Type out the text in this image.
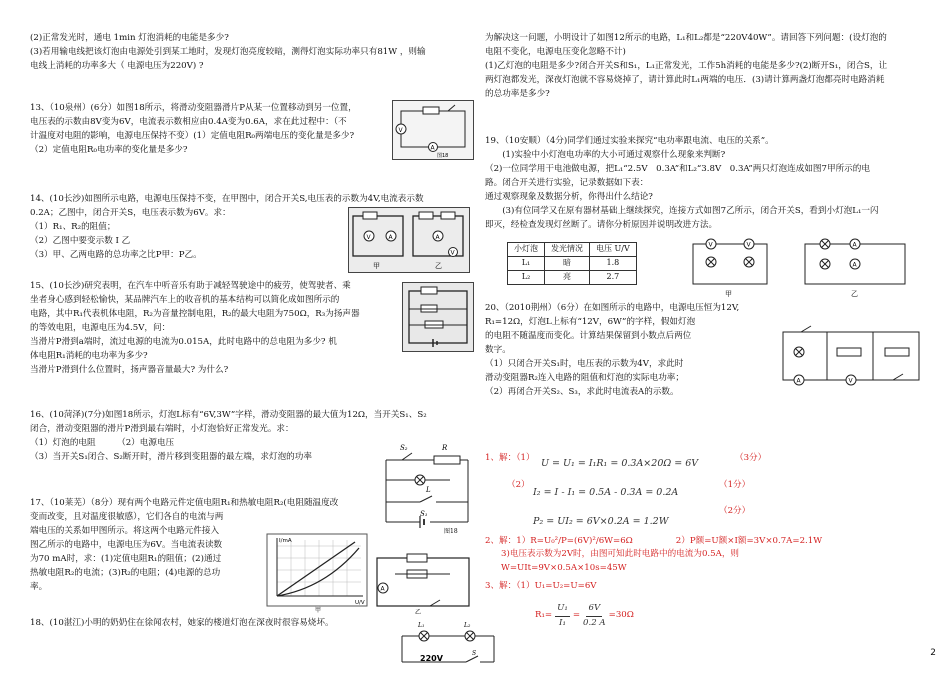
(2)正常发光时，通电 1min 灯泡消耗的电能是多少?

(3)若用输电线把该灯泡由电源处引到某工地时，发现灯泡亮度较暗，测得灯泡实际功率只有81W ，则输

电线上消耗的功率多大（ 电源电压为220V) ?

13、（10泉州）(6分）如图18所示，将滑动变阻器滑片P从某一位置移动到另一位置，

电压表的示数由8V变为6V，电流表示数相应由0.4A变为0.6A，求在此过程中：（不

计温度对电阻的影响，电源电压保持不变）(1）定值电阻R₀两端电压的变化量是多少?

（2）定值电阻R₀电功率的变化量是多少?

V
A
图18

14、(10长沙)如图所示电路，电源电压保持不变，在甲图中，闭合开关S,电压表的示数为4V,电流表示数

0.2A；乙图中，闭合开关S，电压表示数为6V。求：

（1）R₁、R₂的阻值；

（2）乙图中要变示数 I 乙

（3）甲、乙两电路的总功率之比P甲：P乙。

V	A	A
V
甲	乙

15、(10长沙)研究表明，在汽车中听音乐有助于减轻驾驶途中的疲劳，使驾驶者、乘

坐者身心感到轻松愉快，某品牌汽车上的收音机的基本结构可以简化成如图所示的

电路，其中R₁代表机体电阻，R₂为音量控制电阻，R₂的最大电阻为750Ω，R₃为扬声器

的等效电阻，电源电压为4.5V，问：

当滑片P滑到a端时，流过电源的电流为0.015A，此时电路中的总电阻为多少? 机

体电阻R₁消耗的电功率为多少?

当滑片P滑到什么位置时，扬声器音量最大? 为什么?

16、(10菏泽)(7分)如图18所示，灯泡L标有“6V,3W”字样，滑动变阻器的最大值为12Ω，当开关S₁、S₂

闭合，滑动变阻器的滑片P滑到最右端时，小灯泡恰好正常发光。求：

（1）灯泡的电阻　　　（2）电源电压

（3）当开关S₁闭合、S₂断开时，滑片移到变阻器的最左端，求灯泡的功率

S₂	R
L
S₁
图18

17、（10莱芜）（8分）现有两个电路元件定值电阻R₁和热敏电阻R₂(电阻随温度改

变而改变，且对温度很敏感），它们各自的电流与两

端电压的关系如甲图所示。将这两个电路元件接入

图乙所示的电路中，电源电压为6V。当电流表读数

为70 mA时，求：(1)定值电阻R₁的阻值；(2)通过

热敏电阻R₂的电流；(3)R₂的电阻；(4)电源的总功

率。

I/mA
U/V
甲
A
乙

18、(10湛江)小明的奶奶住在徐闻农村，她家的楼道灯泡在深夜时很容易烧坏。	L₁	L₂
220V
S

为解决这一问题，小明设计了如图12所示的电路，L₁和L₂都是“220V40W”。请回答下列问题：(设灯泡的

电阻不变化，电源电压变化忽略不计)

(1)乙灯泡的电阻是多少?闭合开关S和S₁，L₁正常发光，工作5h消耗的电能是多少?(2)断开S₁，闭合S，让

两灯泡都发光，深夜灯泡就不容易烧掉了，请计算此时L₁两端的电压．(3)请计算两盏灯泡都亮时电路消耗

的总功率是多少?

19、（10安顺）（4分)同学们通过实验来探究“电功率跟电流、电压的关系”。

　　(1)实验中小灯泡电功率的大小可通过观察什么现象来判断?

（2)一位同学用干电池做电源，把L₁“2.5V　0.3A”和L₂“3.8V　0.3A”两只灯泡连成如图7甲所示的电

路。闭合开关进行实验，记录数据如下表：

通过观察现象及数据分析，你得出什么结论?

　　(3)有位同学又在原有器材基础上继续探究，连接方式如图7乙所示，闭合开关S，看到小灯泡L₁一闪

即灭，经检查发现灯丝断了。请你分析原因并说明改进方法。

小灯泡	发光情况	电压 U/V
L₁	暗	1.8
L₂	亮	2.7
V	V
甲
A
A
乙

20、（2010荆州）（6分）在如图所示的电路中，电源电压恒为12V,

R₁=12Ω，灯泡L上标有“12V，6W”的字样，假如灯泡

的电阻不随温度而变化。计算结果保留到小数点后两位

数字。

（1）只闭合开关S₁时，电压表的示数为4V，求此时

滑动变阻器R₂连入电路的阻值和灯泡的实际电功率；

（2）再闭合开关S₂、S₃，求此时电流表A的示数。

A	V
1、解：（1） U = U₁ = I₁R₁ = 0.3A×20Ω = 6V	（3分）
（2）
I₂ = I - I₁ = 0.5A - 0.3A = 0.2A
（1分）
P₂ = UI₂ = 6V×0.2A = 1.2W
（2分）

2、解：1）R=U₀²/P=(6V)²/6W=6Ω　　　　　2）P额=U额×I额=3V×0.7A=2.1W

3)电压表示数为2V时，由图可知此时电路中的电流为0.5A，则

W=UIt=9V×0.5A×10s=45W

3、解：（1）U₁=U₂=U=6V
$R_1= \frac{\text{U₁}}{\text{I₁}} = \frac{6V}{0.2 A} =30\Omega$
2
